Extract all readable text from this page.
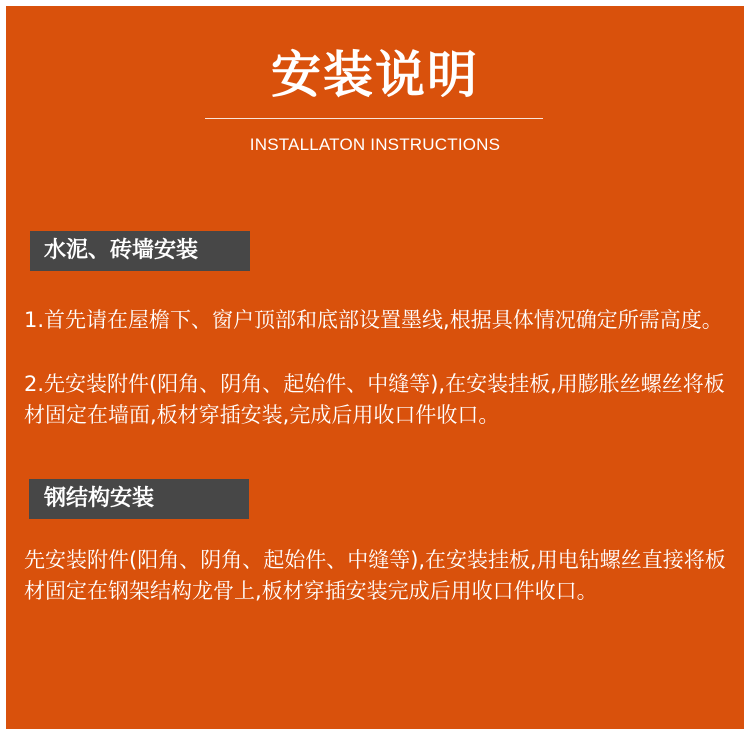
安装说明
INSTALLATON INSTRUCTIONS
水泥、砖墙安装
1.首先请在屋檐下、窗户顶部和底部设置墨线,根据具体情况确定所需高度。
2.先安装附件(阳角、阴角、起始件、中缝等),在安装挂板,用膨胀丝螺丝将板材固定在墙面,板材穿插安装,完成后用收口件收口。
钢结构安装
先安装附件(阳角、阴角、起始件、中缝等),在安装挂板,用电钻螺丝直接将板材固定在钢架结构龙骨上,板材穿插安装完成后用收口件收口。
